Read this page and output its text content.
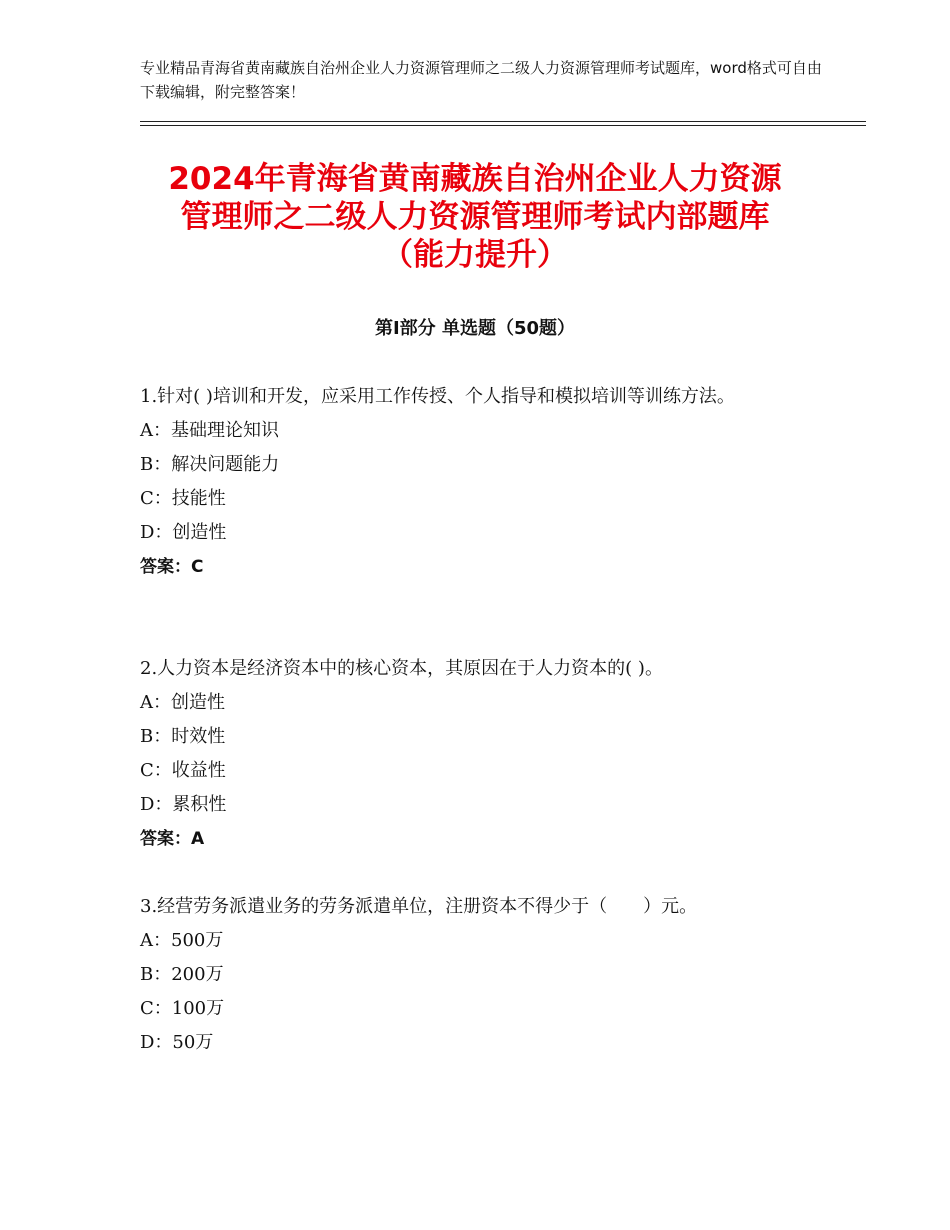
专业精品青海省黄南藏族自治州企业人力资源管理师之二级人力资源管理师考试题库，word格式可自由下载编辑，附完整答案！
2024年青海省黄南藏族自治州企业人力资源
管理师之二级人力资源管理师考试内部题库
（能力提升）
第Ⅰ部分 单选题（50题）

1.针对( )培训和开发，应采用工作传授、个人指导和模拟培训等训练方法。

A：基础理论知识

B：解决问题能力

C：技能性

D：创造性

答案：C

2.人力资本是经济资本中的核心资本，其原因在于人力资本的( )。

A：创造性

B：时效性

C：收益性

D：累积性

答案：A

3.经营劳务派遣业务的劳务派遣单位，注册资本不得少于（　　）元。

A：500万

B：200万

C：100万

D：50万
